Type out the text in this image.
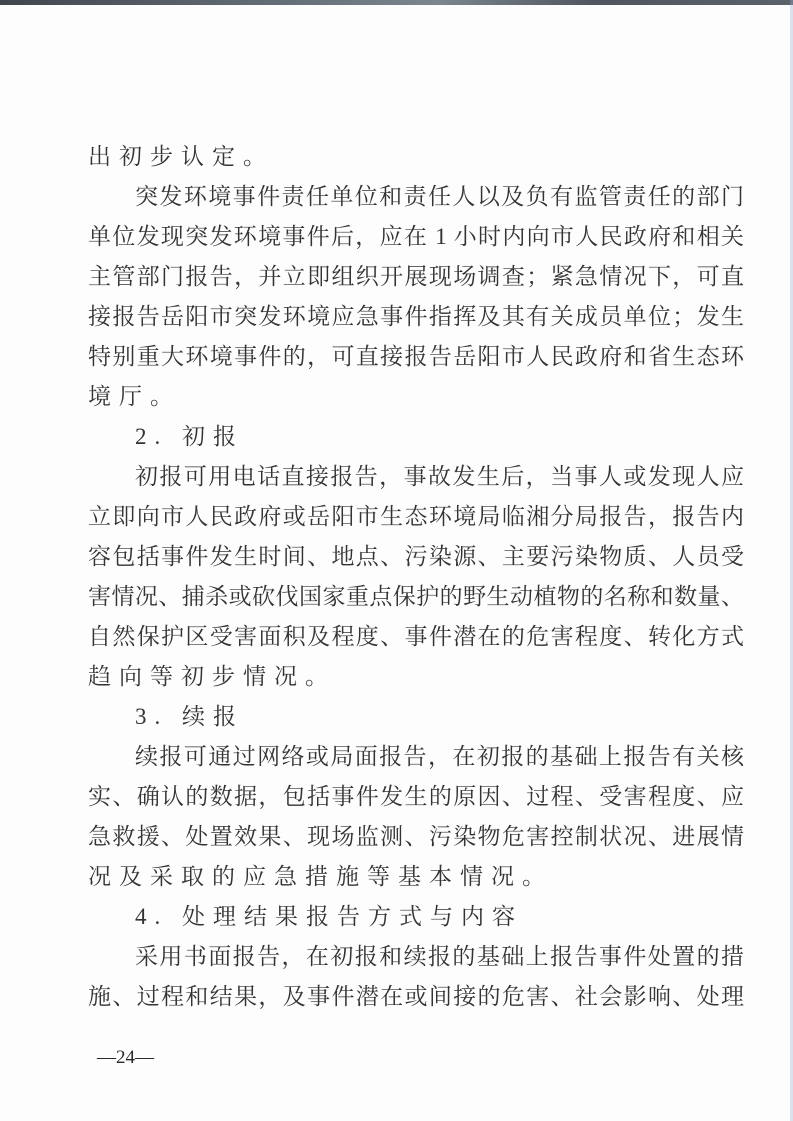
出初步认定。
突发环境事件责任单位和责任人以及负有监管责任的部门
单位发现突发环境事件后，应在 1 小时内向市人民政府和相关
主管部门报告，并立即组织开展现场调查；紧急情况下，可直
接报告岳阳市突发环境应急事件指挥及其有关成员单位；发生
特别重大环境事件的，可直接报告岳阳市人民政府和省生态环
境厅。
2. 初报
初报可用电话直接报告，事故发生后，当事人或发现人应
立即向市人民政府或岳阳市生态环境局临湘分局报告，报告内
容包括事件发生时间、地点、污染源、主要污染物质、人员受
害情况、捕杀或砍伐国家重点保护的野生动植物的名称和数量、
自然保护区受害面积及程度、事件潜在的危害程度、转化方式
趋向等初步情况。
3. 续报
续报可通过网络或局面报告，在初报的基础上报告有关核
实、确认的数据，包括事件发生的原因、过程、受害程度、应
急救援、处置效果、现场监测、污染物危害控制状况、进展情
况及采取的应急措施等基本情况。
4. 处理结果报告方式与内容
采用书面报告，在初报和续报的基础上报告事件处置的措
施、过程和结果，及事件潜在或间接的危害、社会影响、处理
—24—
